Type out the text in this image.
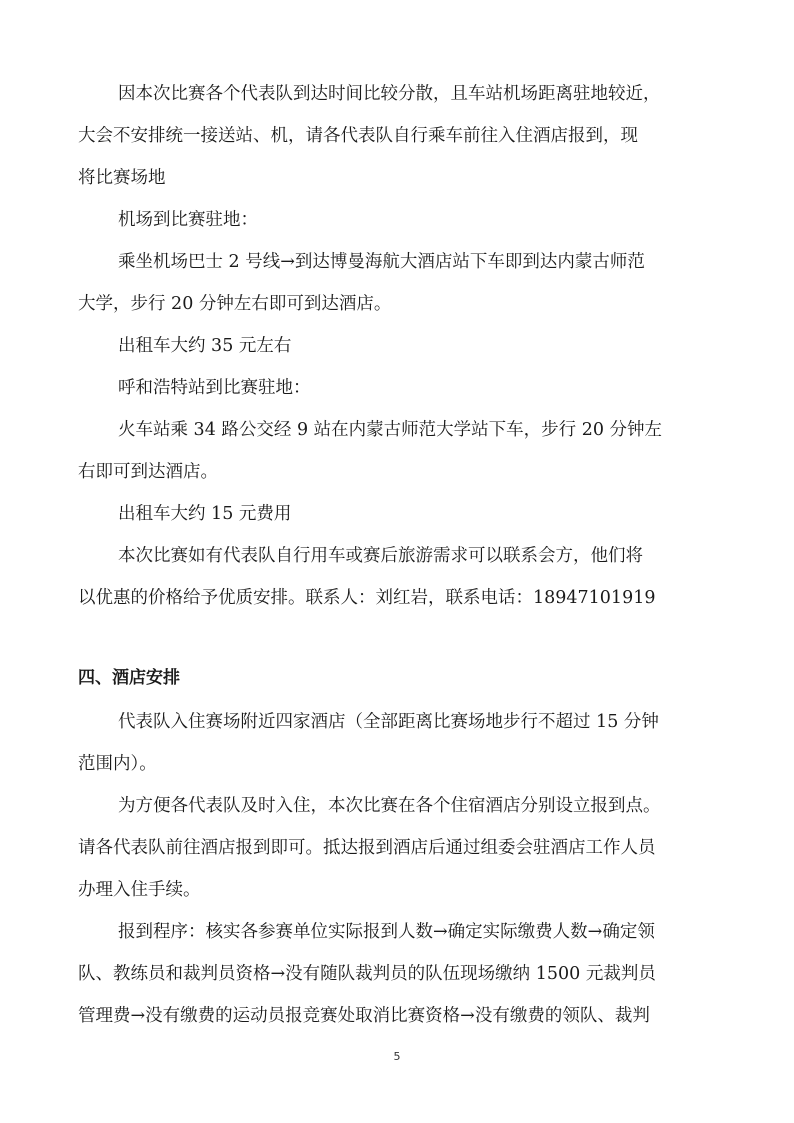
因本次比赛各个代表队到达时间比较分散，且车站机场距离驻地较近，
大会不安排统一接送站、机，请各代表队自行乘车前往入住酒店报到，现
将比赛场地
机场到比赛驻地：
乘坐机场巴士 2 号线→到达博曼海航大酒店站下车即到达内蒙古师范
大学，步行 20 分钟左右即可到达酒店。
出租车大约 35 元左右
呼和浩特站到比赛驻地：
火车站乘 34 路公交经 9 站在内蒙古师范大学站下车，步行 20 分钟左
右即可到达酒店。
出租车大约 15 元费用
本次比赛如有代表队自行用车或赛后旅游需求可以联系会方，他们将
以优惠的价格给予优质安排。联系人：刘红岩，联系电话：18947101919
四、酒店安排
代表队入住赛场附近四家酒店（全部距离比赛场地步行不超过 15 分钟
范围内）。
为方便各代表队及时入住，本次比赛在各个住宿酒店分别设立报到点。
请各代表队前往酒店报到即可。抵达报到酒店后通过组委会驻酒店工作人员
办理入住手续。
报到程序：核实各参赛单位实际报到人数→确定实际缴费人数→确定领
队、教练员和裁判员资格→没有随队裁判员的队伍现场缴纳 1500 元裁判员
管理费→没有缴费的运动员报竞赛处取消比赛资格→没有缴费的领队、裁判
5
